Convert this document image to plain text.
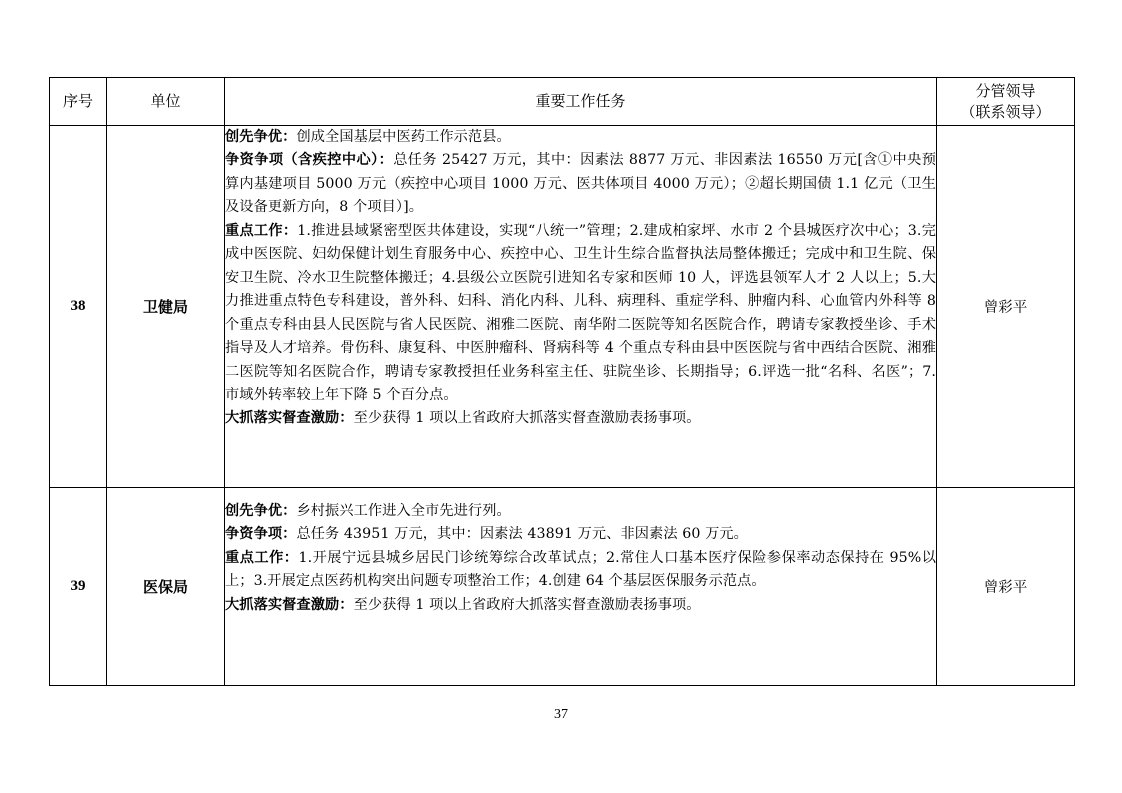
序号	单位	重要工作任务	分管领导
（联系领导）

38	卫健局	创先争优：创成全国基层中医药工作示范县。

争资争项（含疾控中心）：总任务 25427 万元，其中：因素法 8877 万元、非因素法 16550 万元[含①中央预算内基建项目 5000 万元（疾控中心项目 1000 万元、医共体项目 4000 万元）；②超长期国债 1.1 亿元（卫生及设备更新方向，8 个项目）]。

重点工作：1.推进县域紧密型医共体建设，实现“八统一”管理；2.建成柏家坪、水市 2 个县城医疗次中心；3.完成中医医院、妇幼保健计划生育服务中心、疾控中心、卫生计生综合监督执法局整体搬迁；完成中和卫生院、保安卫生院、冷水卫生院整体搬迁；4.县级公立医院引进知名专家和医师 10 人，评选县领军人才 2 人以上；5.大力推进重点特色专科建设，普外科、妇科、消化内科、儿科、病理科、重症学科、肿瘤内科、心血管内外科等 8 个重点专科由县人民医院与省人民医院、湘雅二医院、南华附二医院等知名医院合作，聘请专家教授坐诊、手术指导及人才培养。骨伤科、康复科、中医肿瘤科、肾病科等 4 个重点专科由县中医医院与省中西结合医院、湘雅二医院等知名医院合作，聘请专家教授担任业务科室主任、驻院坐诊、长期指导；6.评选一批“名科、名医”；7.市域外转率较上年下降 5 个百分点。

大抓落实督查激励：至少获得 1 项以上省政府大抓落实督查激励表扬事项。	曾彩平
39	医保局	创先争优：乡村振兴工作进入全市先进行列。

争资争项：总任务 43951 万元，其中：因素法 43891 万元、非因素法 60 万元。

重点工作：1.开展宁远县城乡居民门诊统筹综合改革试点；2.常住人口基本医疗保险参保率动态保持在 95%以上；3.开展定点医药机构突出问题专项整治工作；4.创建 64 个基层医保服务示范点。

大抓落实督查激励：至少获得 1 项以上省政府大抓落实督查激励表扬事项。	曾彩平
37
